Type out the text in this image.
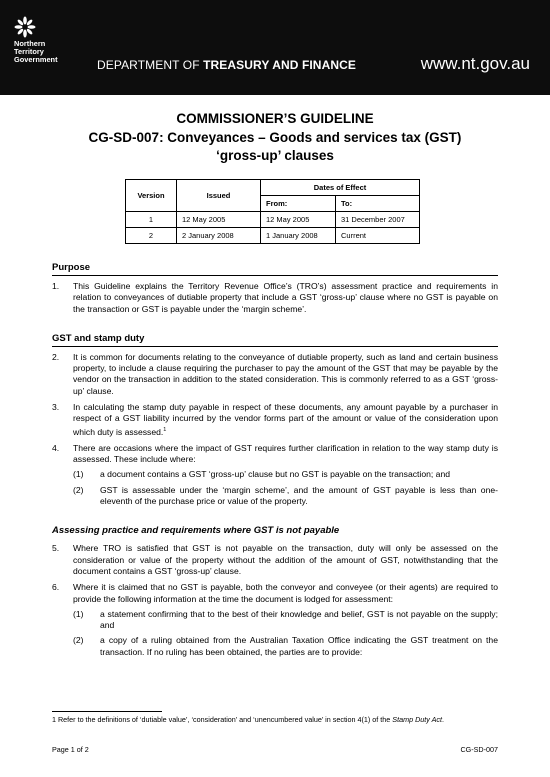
Northern
Territory
Government	DEPARTMENT OF TREASURY AND FINANCE	www.nt.gov.au
COMMISSIONER’S GUIDELINE
CG-SD-007: Conveyances – Goods and services tax (GST)
‘gross-up’ clauses
Version	Issued	Dates of Effect	
		From:	To:
1	12 May 2005	12 May 2005	31 December 2007
2	2 January 2008	1 January 2008	Current
Purpose
1.	This Guideline explains the Territory Revenue Office’s (TRO’s) assessment practice and requirements in relation to conveyances of dutiable property that include a GST ‘gross-up’ clause where no GST is payable on the transaction or GST is payable under the ‘margin scheme’.
GST and stamp duty
2.	It is common for documents relating to the conveyance of dutiable property, such as land and certain business property, to include a clause requiring the purchaser to pay the amount of the GST that may be payable by the vendor on the transaction in addition to the stated consideration. This is commonly referred to as a GST ‘gross-up’ clause.
3.	In calculating the stamp duty payable in respect of these documents, any amount payable by a purchaser in respect of a GST liability incurred by the vendor forms part of the amount or value of the consideration upon which duty is assessed.$^1$
4.	There are occasions where the impact of GST requires further clarification in relation to the way stamp duty is assessed. These include where:
(1)	a document contains a GST ‘gross-up’ clause but no GST is payable on the transaction; and
(2)	GST is assessable under the ‘margin scheme’, and the amount of GST payable is less than one-eleventh of the purchase price or value of the property.
Assessing practice and requirements where GST is not payable
5.	Where TRO is satisfied that GST is not payable on the transaction, duty will only be assessed on the consideration or value of the property without the addition of the amount of GST, notwithstanding that the document contains a GST ‘gross-up’ clause.
6.	Where it is claimed that no GST is payable, both the conveyor and conveyee (or their agents) are required to provide the following information at the time the document is lodged for assessment:
(1)	a statement confirming that to the best of their knowledge and belief, GST is not payable on the supply; and
(2)	a copy of a ruling obtained from the Australian Taxation Office indicating the GST treatment on the transaction. If no ruling has been obtained, the parties are to provide:
1 Refer to the definitions of ‘dutiable value’, ‘consideration’ and ‘unencumbered value’ in section 4(1) of the Stamp Duty Act.
Page 1 of 2	CG-SD-007
